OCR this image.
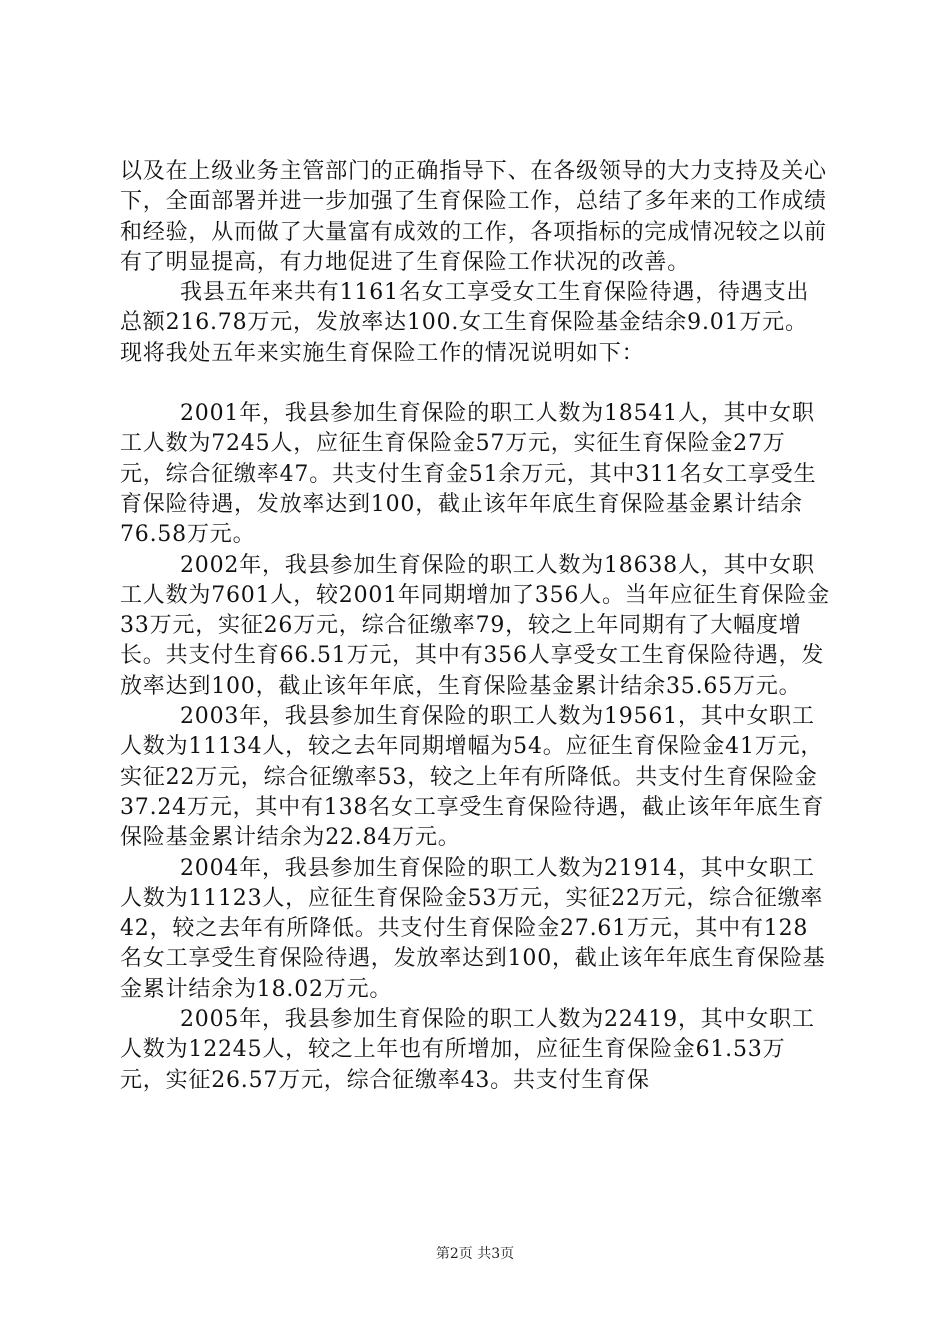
以及在上级业务主管部门的正确指导下、在各级领导的大力支持及关心下，全面部署并进一步加强了生育保险工作，总结了多年来的工作成绩和经验，从而做了大量富有成效的工作，各项指标的完成情况较之以前有了明显提高，有力地促进了生育保险工作状况的改善。

我县五年来共有1161名女工享受女工生育保险待遇，待遇支出总额216.78万元，发放率达100.女工生育保险基金结余9.01万元。现将我处五年来实施生育保险工作的情况说明如下：

2001年，我县参加生育保险的职工人数为18541人，其中女职工人数为7245人，应征生育保险金57万元，实征生育保险金27万元，综合征缴率47。共支付生育金51余万元，其中311名女工享受生育保险待遇，发放率达到100，截止该年年底生育保险基金累计结余76.58万元。

2002年，我县参加生育保险的职工人数为18638人，其中女职工人数为7601人，较2001年同期增加了356人。当年应征生育保险金33万元，实征26万元，综合征缴率79，较之上年同期有了大幅度增长。共支付生育66.51万元，其中有356人享受女工生育保险待遇，发放率达到100，截止该年年底，生育保险基金累计结余35.65万元。

2003年，我县参加生育保险的职工人数为19561，其中女职工人数为11134人，较之去年同期增幅为54。应征生育保险金41万元，实征22万元，综合征缴率53，较之上年有所降低。共支付生育保险金37.24万元，其中有138名女工享受生育保险待遇，截止该年年底生育保险基金累计结余为22.84万元。

2004年，我县参加生育保险的职工人数为21914，其中女职工人数为11123人，应征生育保险金53万元，实征22万元，综合征缴率42，较之去年有所降低。共支付生育保险金27.61万元，其中有128名女工享受生育保险待遇，发放率达到100，截止该年年底生育保险基金累计结余为18.02万元。

2005年，我县参加生育保险的职工人数为22419，其中女职工人数为12245人，较之上年也有所增加，应征生育保险金61.53万元，实征26.57万元，综合征缴率43。共支付生育保

第2页 共3页
